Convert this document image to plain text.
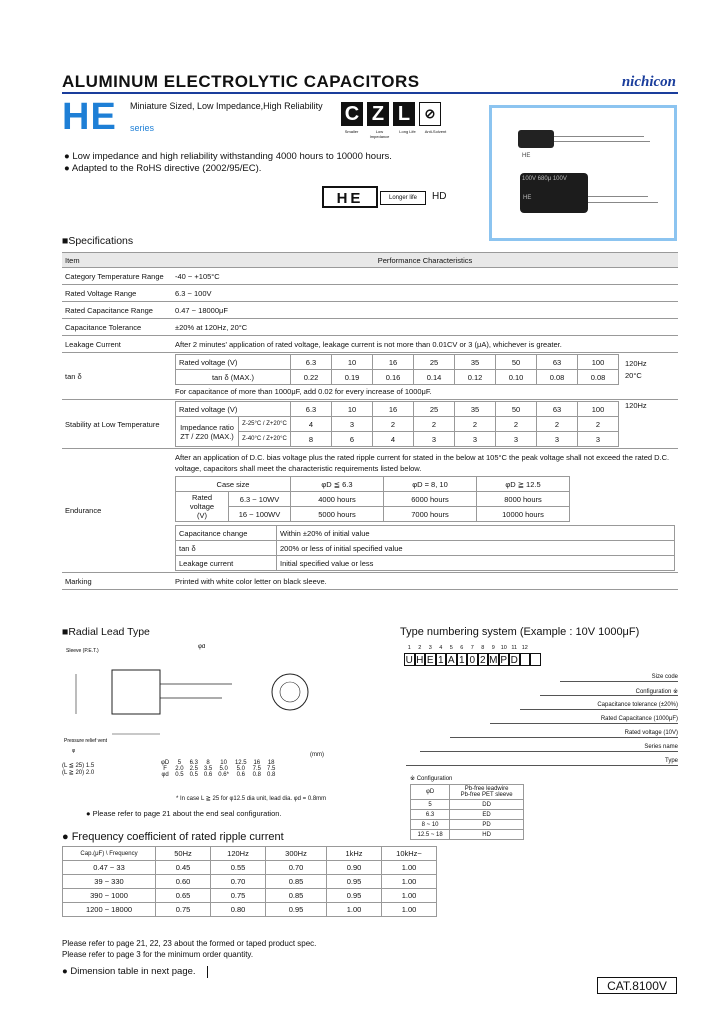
ALUMINUM ELECTROLYTIC CAPACITORS	nichicon
HE Miniature Sized, Low Impedance,High Reliability
series
C Z L	⊘
Smaller	Low Impedance
Long Life	Anti-Solvent
● Low impedance and high reliability withstanding 4000 hours to 10000 hours.
● Adapted to the RoHS directive (2002/95/EC).
100V 680μ 100V
HE
HE
HE	Longer life	HD
■Specifications
Item	Performance Characteristics
Category Temperature Range	-40 ~ +105°C
Rated Voltage Range	6.3 ~ 100V
Rated Capacitance Range	0.47 ~ 18000μF
Capacitance Tolerance	±20% at 120Hz, 20°C
Leakage Current	After 2 minutes' application of rated voltage, leakage current is not more than 0.01CV or 3 (μA), whichever is greater.
tan δ	
Rated voltage (V)	6.3	10	16	25	35	50	63	100
tan δ (MAX.)	0.22	0.19	0.16	0.14	0.12	0.10	0.08	0.08
120Hz
20°C
For capacitance of more than 1000μF, add 0.02 for every increase of 1000μF.

Stability at Low Temperature	
Rated voltage (V)	6.3	10	16	25	35	50	63	100

Impedance ratio
ZT / Z20 (MAX.)
	Z-25°C / Z+20°C	4	3	2	2	2	2	2	2
Z-40°C / Z+20°C	8	6	4	3	3	3	3	3
120Hz

Endurance	
After an application of D.C. bias voltage plus the rated ripple current for stated in the below at 105°C the peak voltage shall not exceed the rated D.C. voltage, capacitors shall meet the characteristic requirements listed below.
Case size	φD ≦ 6.3	φD = 8, 10	φD ≧ 12.5

Rated voltage
(V)
	6.3 ~ 10WV	4000 hours	6000 hours	8000 hours
16 ~ 100WV	5000 hours	7000 hours	10000 hours
Capacitance change	Within ±20% of initial value
tan δ	200% or less of initial specified value
Leakage current	Initial specified value or less

Marking	Printed with white color letter on black sleeve.
■Radial Lead Type
Sleeve (P.E.T.)
Pressure relief vent
φ
φd
(L ≦ 25) 1.5
(L ≧ 20) 2.0
(mm)
φD	5	6.3	8	10	12.5	16	18
F	2.0	2.5	3.5	5.0	5.0	7.5	7.5
φd	0.5	0.5	0.6	0.6*	0.6	0.8	0.8
* In case L ≧ 25 for φ12.5 dia unit, lead dia. φd = 0.8mm
● Please refer to page 21 about the end seal configuration.
Type numbering system (Example : 10V 1000μF)
1	2	3	4	5	6	7	8	9	10 11 12
U H E 1 A 1 0 2 M P D
Size code
Configuration ※
Capacitance tolerance (±20%)
Rated Capacitance (1000μF)
Rated voltage (10V)
Series name
Type
※ Configuration
φD	Pb-free leadwire
Pb-free PET sleeve
5	DD
6.3	ED
8 ~ 10	PD
12.5 ~ 18	HD
● Frequency coefficient of rated ripple current
Cap.(μF) \ Frequency	50Hz	120Hz	300Hz	1kHz	10kHz~
0.47 ~ 33	0.45	0.55	0.70	0.90	1.00
39 ~ 330	0.60	0.70	0.85	0.95	1.00
390 ~ 1000	0.65	0.75	0.85	0.95	1.00
1200 ~ 18000	0.75	0.80	0.95	1.00	1.00
Please refer to page 21, 22, 23 about the formed or taped product spec.
Please refer to page 3 for the minimum order quantity.
● Dimension table in next page.
CAT.8100V
